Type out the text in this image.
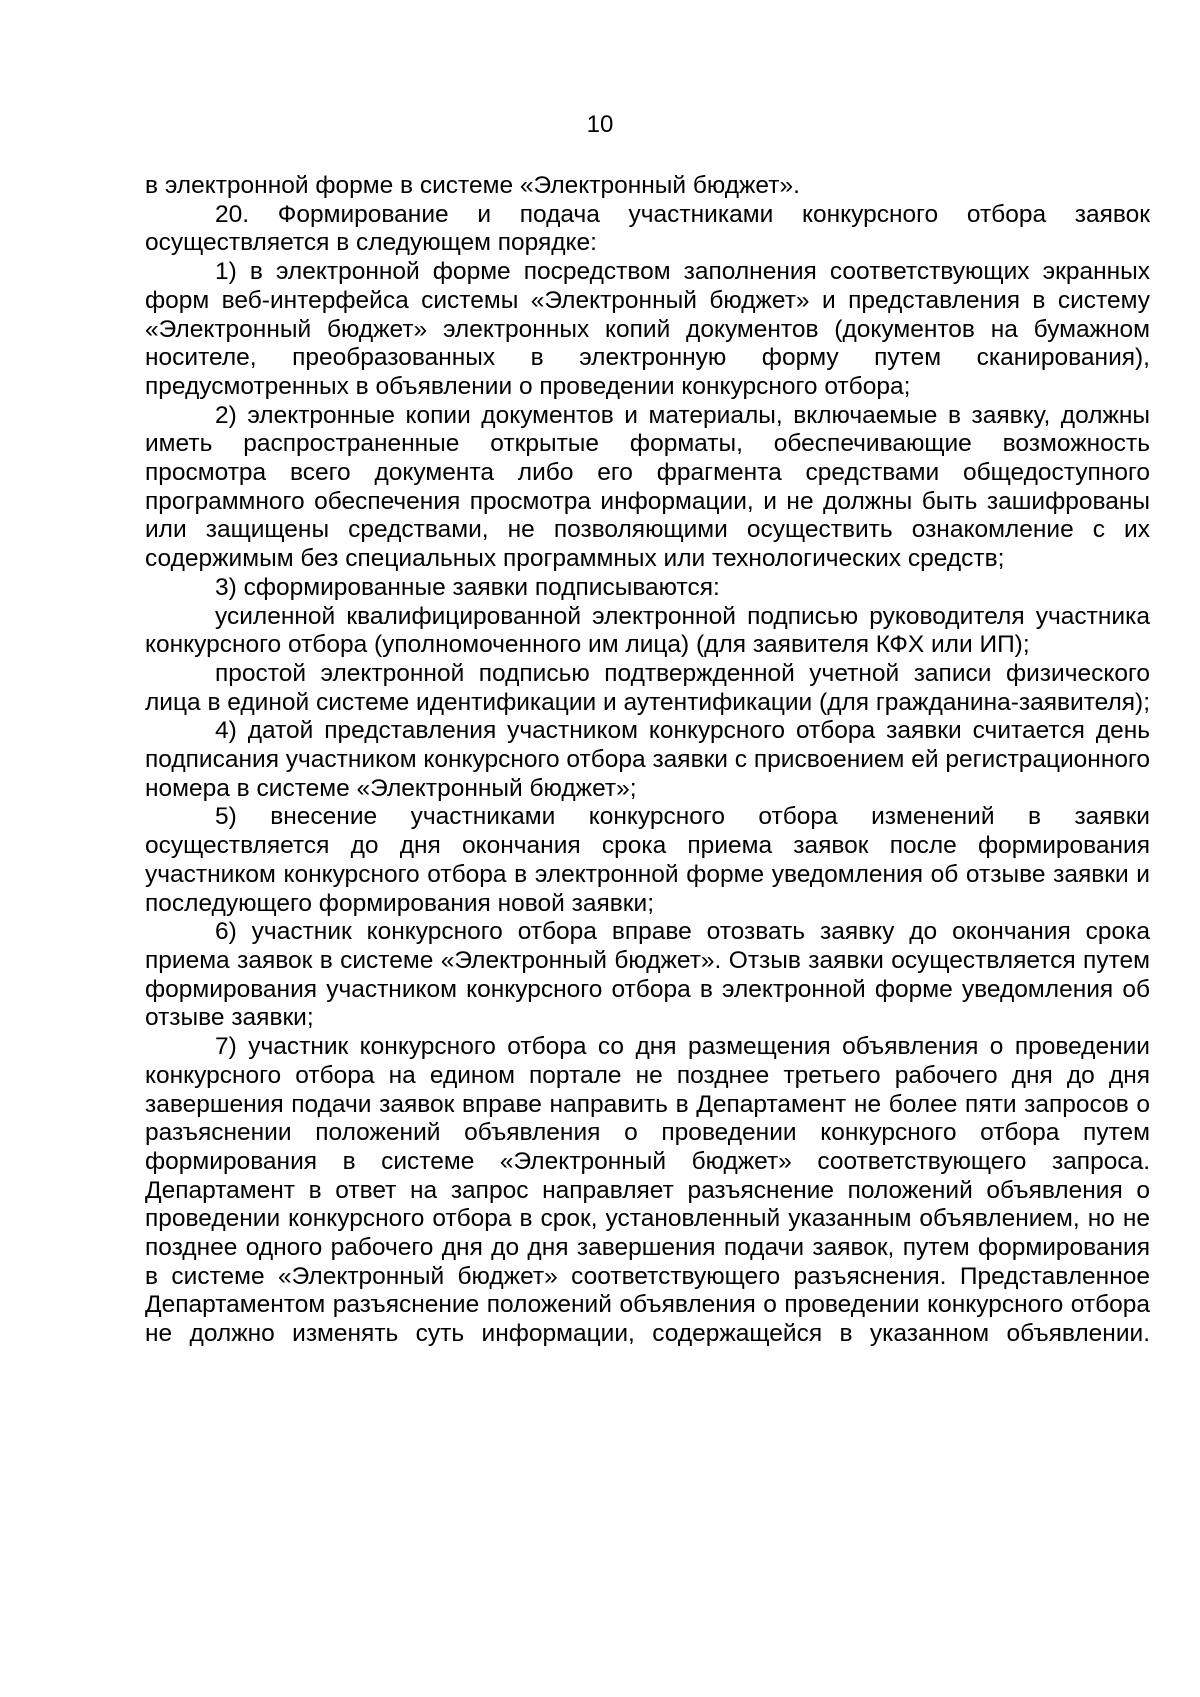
10

в электронной форме в системе «Электронный бюджет».

20. Формирование и подача участниками конкурсного отбора заявок осуществляется в следующем порядке:

1) в электронной форме посредством заполнения соответствующих экранных форм веб-интерфейса системы «Электронный бюджет» и представления в систему «Электронный бюджет» электронных копий документов (документов на бумажном носителе, преобразованных в электронную форму путем сканирования), предусмотренных в объявлении о проведении конкурсного отбора;

2) электронные копии документов и материалы, включаемые в заявку, должны иметь распространенные открытые форматы, обеспечивающие возможность просмотра всего документа либо его фрагмента средствами общедоступного программного обеспечения просмотра информации, и не должны быть зашифрованы или защищены средствами, не позволяющими осуществить ознакомление с их содержимым без специальных программных или технологических средств;

3) сформированные заявки подписываются:

усиленной квалифицированной электронной подписью руководителя участника конкурсного отбора (уполномоченного им лица) (для заявителя КФХ или ИП);

простой электронной подписью подтвержденной учетной записи физического лица в единой системе идентификации и аутентификации (для гражданина-заявителя);

4) датой представления участником конкурсного отбора заявки считается день подписания участником конкурсного отбора заявки с присвоением ей регистрационного номера в системе «Электронный бюджет»;

5) внесение участниками конкурсного отбора изменений в заявки осуществляется до дня окончания срока приема заявок после формирования участником конкурсного отбора в электронной форме уведомления об отзыве заявки и последующего формирования новой заявки;

6) участник конкурсного отбора вправе отозвать заявку до окончания срока приема заявок в системе «Электронный бюджет». Отзыв заявки осуществляется путем формирования участником конкурсного отбора в электронной форме уведомления об отзыве заявки;

7) участник конкурсного отбора со дня размещения объявления о проведении конкурсного отбора на едином портале не позднее третьего рабочего дня до дня завершения подачи заявок вправе направить в Департамент не более пяти запросов о разъяснении положений объявления о проведении конкурсного отбора путем формирования в системе «Электронный бюджет» соответствующего запроса. Департамент в ответ на запрос направляет разъяснение положений объявления о проведении конкурсного отбора в срок, установленный указанным объявлением, но не позднее одного рабочего дня до дня завершения подачи заявок, путем формирования в системе «Электронный бюджет» соответствующего разъяснения. Представленное Департаментом разъяснение положений объявления о проведении конкурсного отбора не должно изменять суть информации, содержащейся в указанном объявлении.
